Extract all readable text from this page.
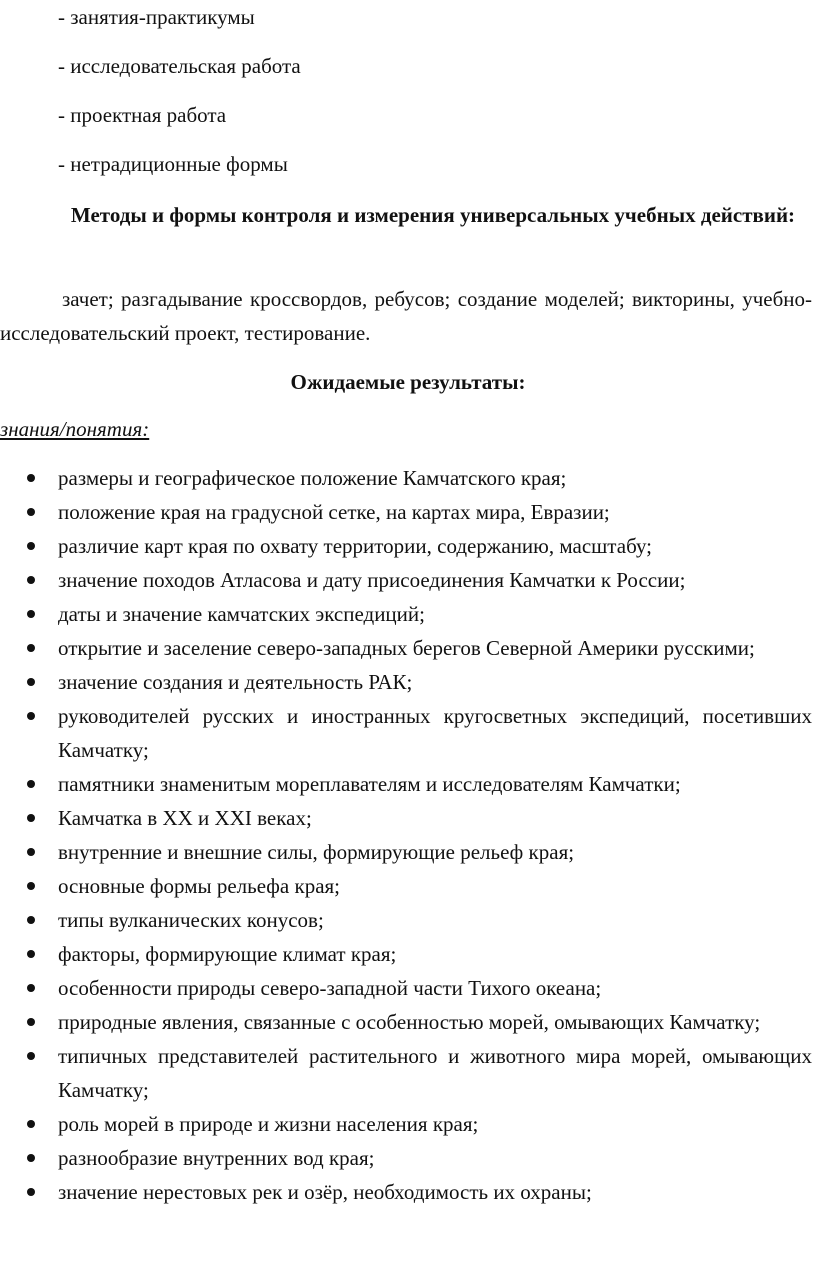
- занятия-практикумы
- исследовательская работа
- проектная работа
- нетрадиционные формы
Методы и формы контроля и измерения универсальных учебных действий:
зачет; разгадывание кроссвордов, ребусов; создание моделей; викторины, учебно-исследовательский проект, тестирование.
Ожидаемые результаты:
знания/понятия:
размеры и географическое положение Камчатского края;
положение края на градусной сетке, на картах мира, Евразии;
различие карт края по охвату территории, содержанию, масштабу;
значение походов Атласова и дату присоединения Камчатки к России;
даты и значение камчатских экспедиций;
открытие и заселение северо-западных берегов Северной Америки русскими;
значение создания и деятельность РАК;
руководителей русских и иностранных кругосветных экспедиций, посетивших Камчатку;
памятники знаменитым мореплавателям и исследователям Камчатки;
Камчатка в XX и XXI веках;
внутренние и внешние силы, формирующие рельеф края;
основные формы рельефа края;
типы вулканических конусов;
факторы, формирующие климат края;
особенности природы северо-западной части Тихого океана;
природные явления, связанные с особенностью морей, омывающих Камчатку;
типичных представителей растительного и животного мира морей, омывающих Камчатку;
роль морей в природе и жизни населения края;
разнообразие внутренних вод края;
значение нерестовых рек и озёр, необходимость их охраны;
